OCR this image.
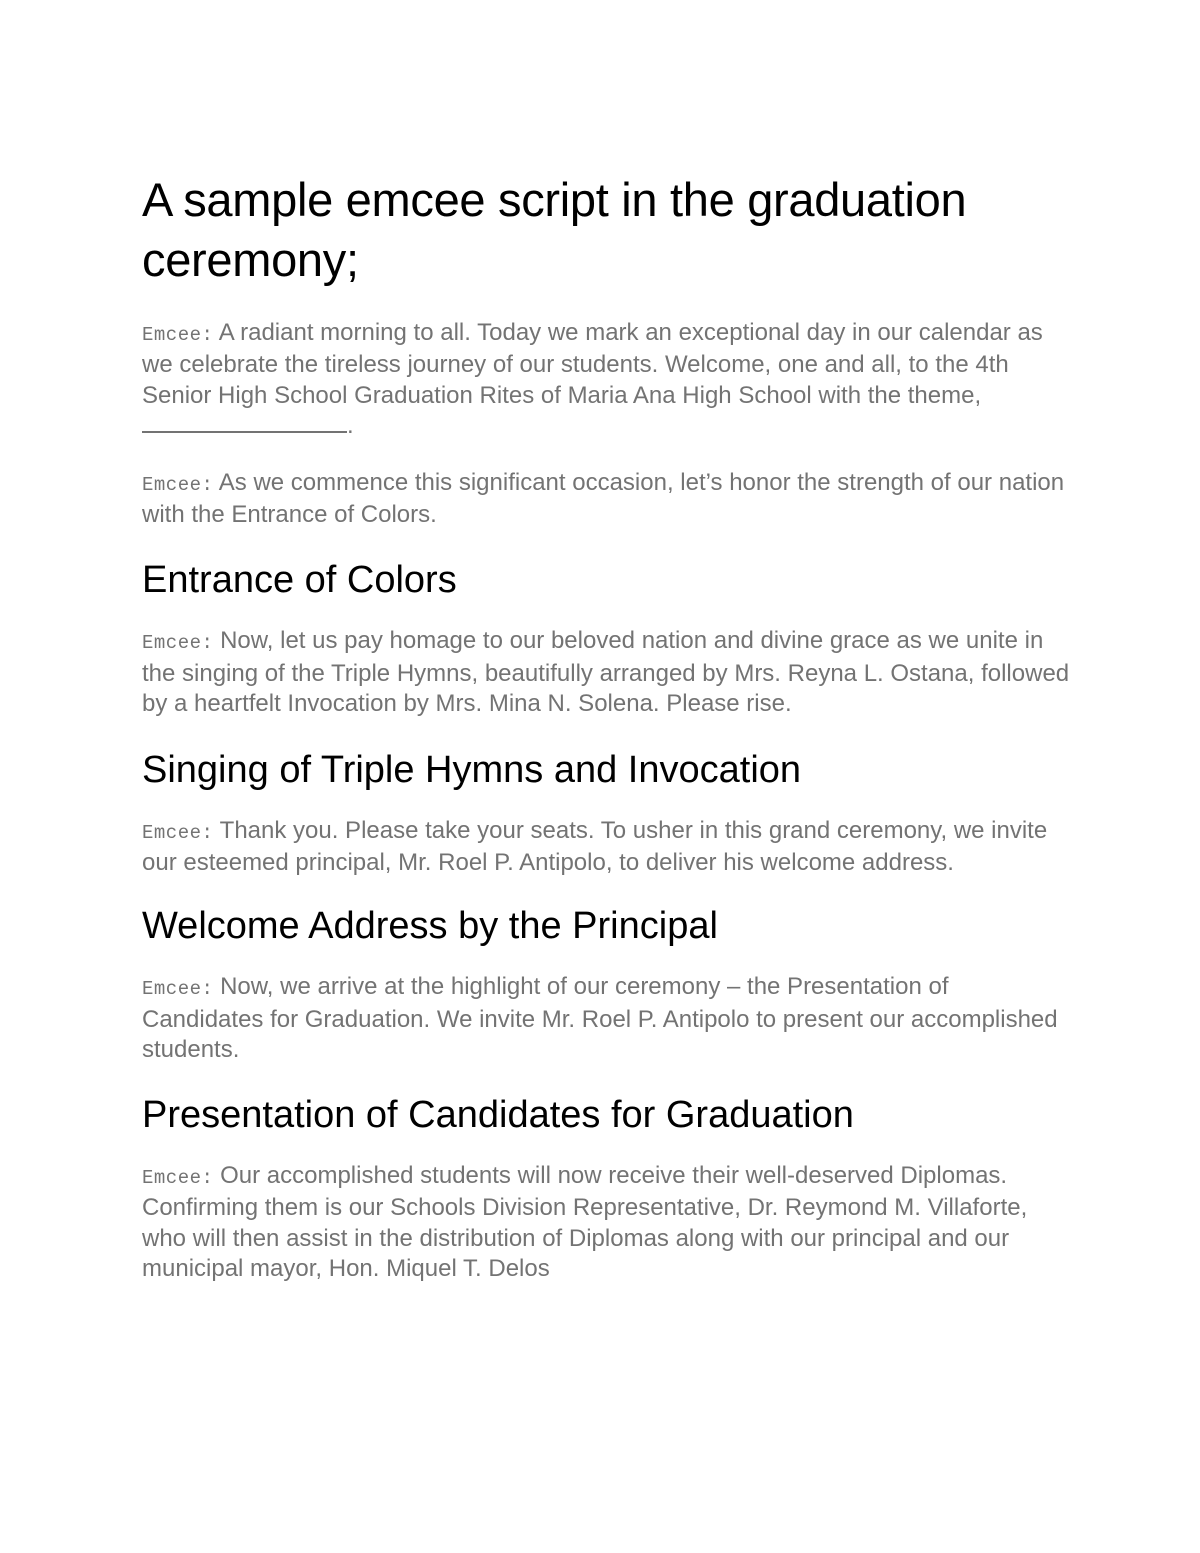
A sample emcee script in the graduation ceremony;

Emcee: A radiant morning to all. Today we mark an exceptional day in our calendar as we celebrate the tireless journey of our students. Welcome, one and all, to the 4th Senior High School Graduation Rites of Maria Ana High School with the theme, .

Emcee: As we commence this significant occasion, let’s honor the strength of our nation with the Entrance of Colors.

Entrance of Colors

Emcee: Now, let us pay homage to our beloved nation and divine grace as we unite in the singing of the Triple Hymns, beautifully arranged by Mrs. Reyna L. Ostana, followed by a heartfelt Invocation by Mrs. Mina N. Solena. Please rise.

Singing of Triple Hymns and Invocation

Emcee: Thank you. Please take your seats. To usher in this grand ceremony, we invite our esteemed principal, Mr. Roel P. Antipolo, to deliver his welcome address.

Welcome Address by the Principal

Emcee: Now, we arrive at the highlight of our ceremony – the Presentation of Candidates for Graduation. We invite Mr. Roel P. Antipolo to present our accomplished students.

Presentation of Candidates for Graduation

Emcee: Our accomplished students will now receive their well-deserved Diplomas. Confirming them is our Schools Division Representative, Dr. Reymond M. Villaforte, who will then assist in the distribution of Diplomas along with our principal and our municipal mayor, Hon. Miquel T. Delos
